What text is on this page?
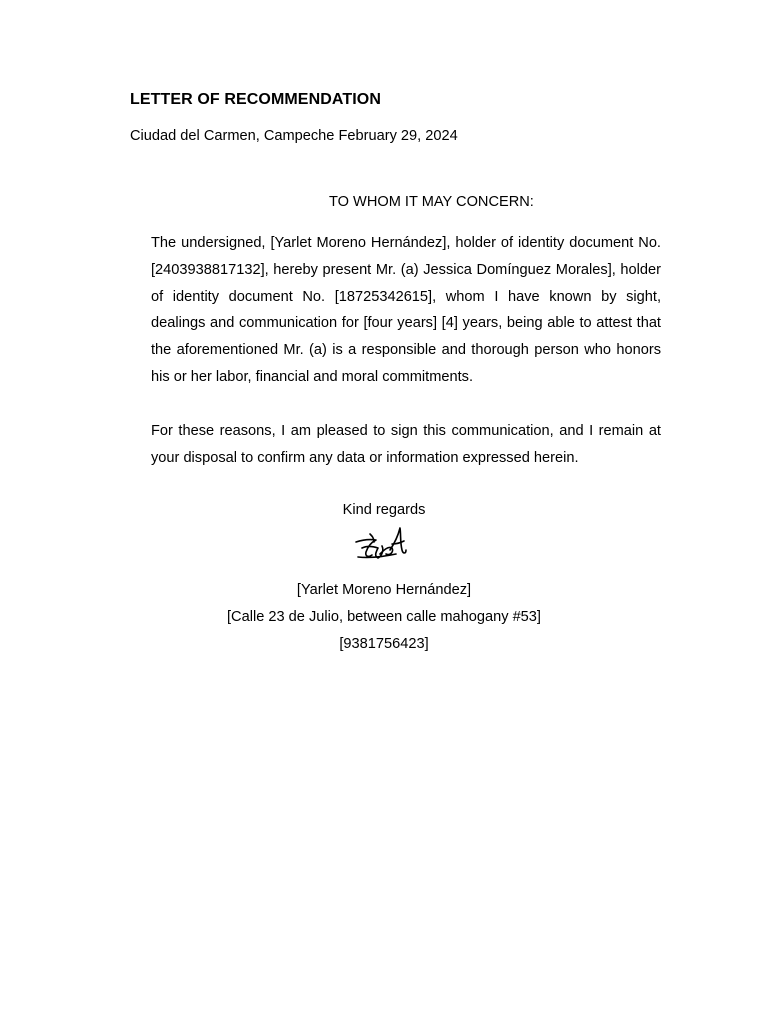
LETTER OF RECOMMENDATION
Ciudad del Carmen, Campeche February 29, 2024
TO WHOM IT MAY CONCERN:
The undersigned, [Yarlet Moreno Hernández], holder of identity document No. [2403938817132], hereby present Mr. (a) Jessica Domínguez Morales], holder of identity document No. [18725342615], whom I have known by sight, dealings and communication for [four years] [4] years, being able to attest that the aforementioned Mr. (a) is a responsible and thorough person who honors his or her labor, financial and moral commitments.
For these reasons, I am pleased to sign this communication, and I remain at your disposal to confirm any data or information expressed herein.
Kind regards
[Yarlet Moreno Hernández]
[Calle 23 de Julio, between calle mahogany #53]
[9381756423]
